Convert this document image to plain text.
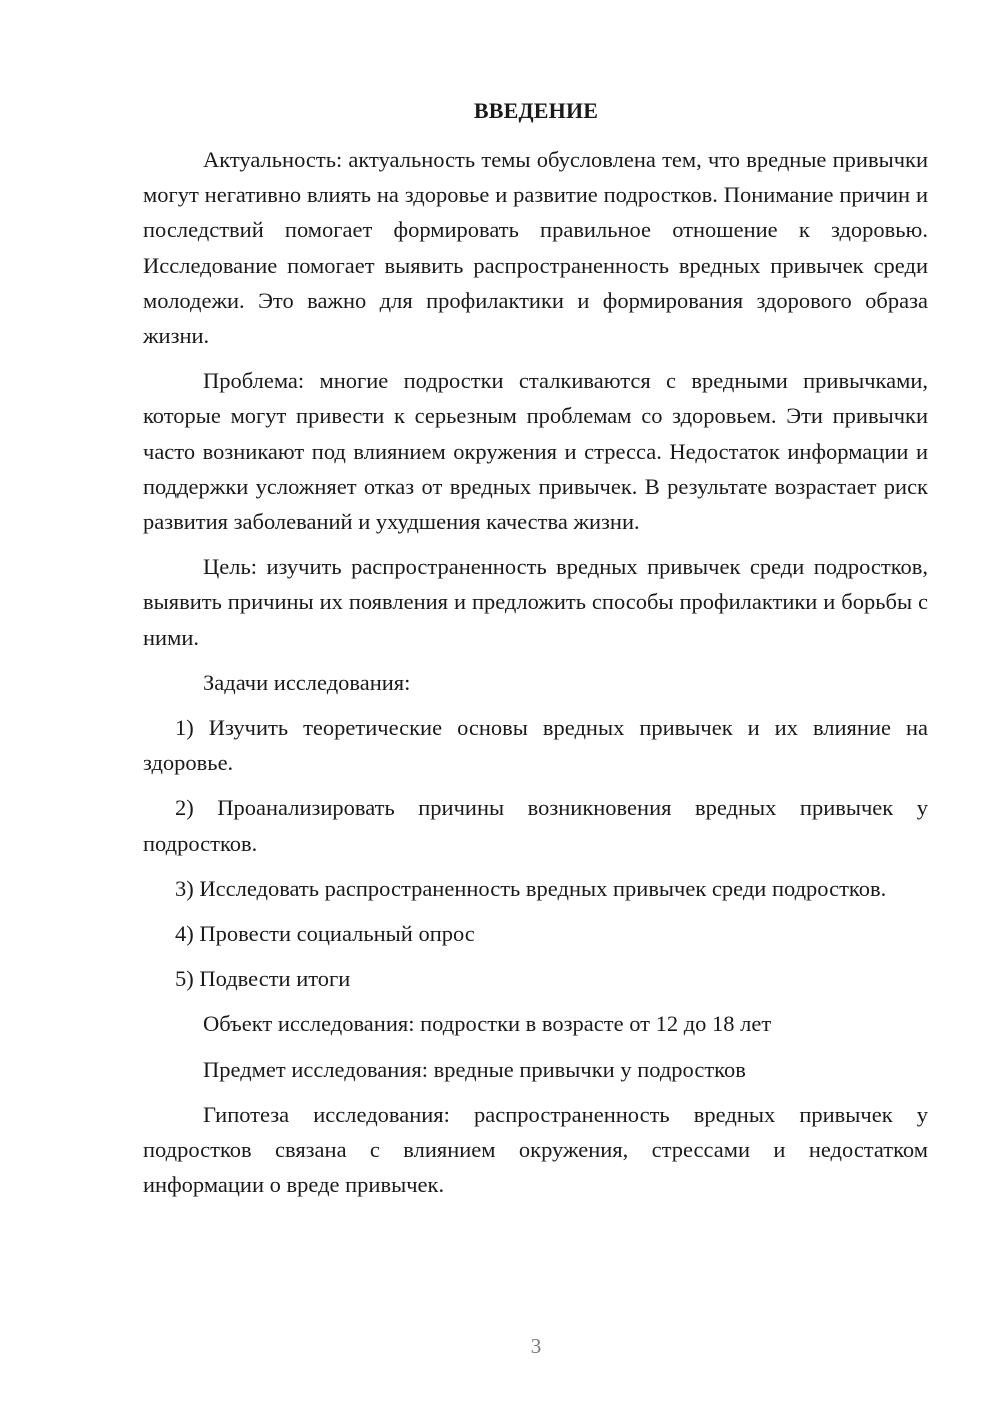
ВВЕДЕНИЕ

Актуальность: актуальность темы обусловлена тем, что вредные привычки могут негативно влиять на здоровье и развитие подростков. Понимание причин и последствий помогает формировать правильное отношение к здоровью. Исследование помогает выявить распространенность вредных привычек среди молодежи. Это важно для профилактики и формирования здорового образа жизни.

Проблема: многие подростки сталкиваются с вредными привычками, которые могут привести к серьезным проблемам со здоровьем. Эти привычки часто возникают под влиянием окружения и стресса. Недостаток информации и поддержки усложняет отказ от вредных привычек. В результате возрастает риск развития заболеваний и ухудшения качества жизни.

Цель: изучить распространенность вредных привычек среди подростков, выявить причины их появления и предложить способы профилактики и борьбы с ними.

Задачи исследования:

1) Изучить теоретические основы вредных привычек и их влияние на здоровье.

2) Проанализировать причины возникновения вредных привычек у подростков.

3) Исследовать распространенность вредных привычек среди подростков.

4) Провести социальный опрос

5) Подвести итоги

Объект исследования: подростки в возрасте от 12 до 18 лет

Предмет исследования: вредные привычки у подростков

Гипотеза исследования: распространенность вредных привычек у подростков связана с влиянием окружения, стрессами и недостатком информации о вреде привычек.

3
